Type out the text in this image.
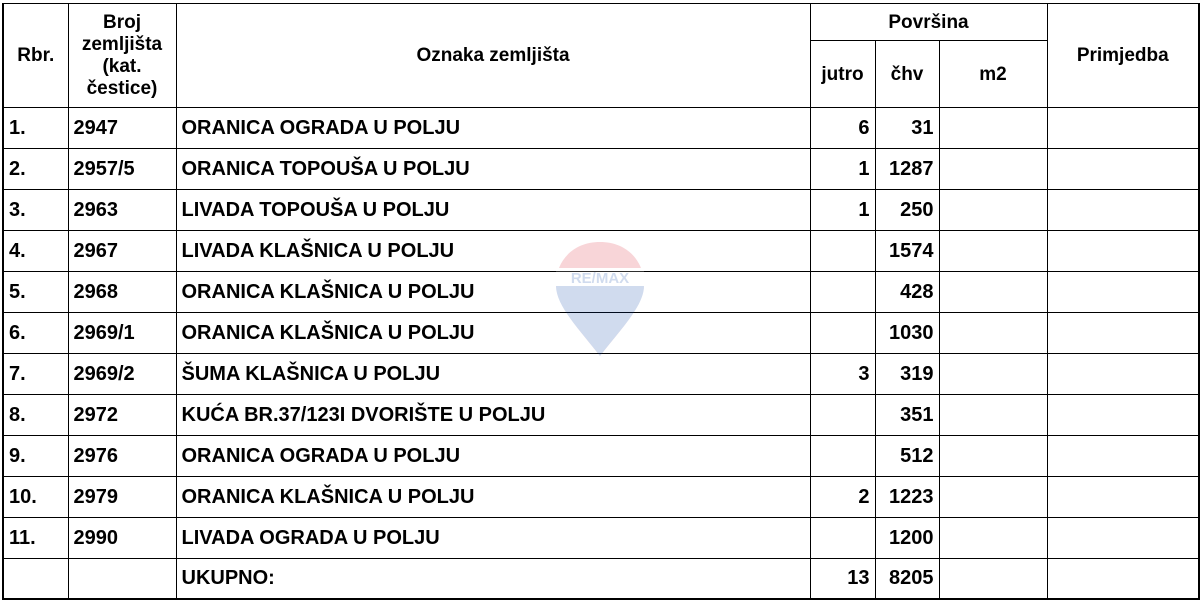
Rbr.	Broj zemljišta (kat. čestice)	Oznaka zemljišta	Površina			Primjedba
			jutro	čhv	m2	
1.	2947	ORANICA OGRADA U POLJU	6	31		
2.	2957/5	ORANICA TOPOUŠA U POLJU	1	1287		
3.	2963	LIVADA TOPOUŠA U POLJU	1	250		
4.	2967	LIVADA KLAŠNICA U POLJU		1574		
5.	2968	ORANICA KLAŠNICA U POLJU		428		
6.	2969/1	ORANICA KLAŠNICA U POLJU		1030		
7.	2969/2	ŠUMA KLAŠNICA U POLJU	3	319		
8.	2972	KUĆA BR.37/123I DVORIŠTE U POLJU		351		
9.	2976	ORANICA OGRADA U POLJU		512		
10.	2979	ORANICA KLAŠNICA U POLJU	2	1223		
11.	2990	LIVADA OGRADA U POLJU		1200		
		UKUPNO:	13	8205		
RE/MAX
